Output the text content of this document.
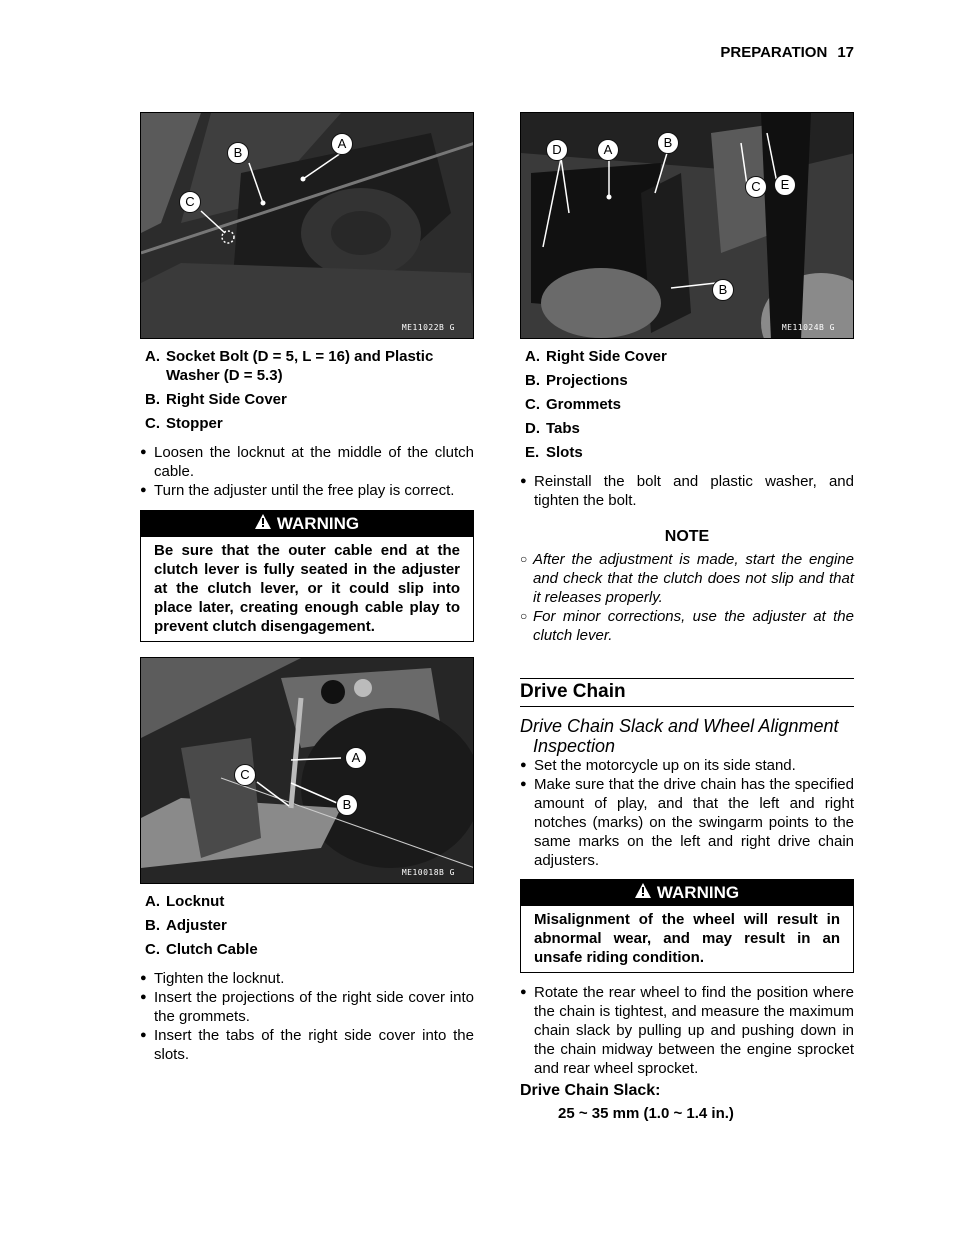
PREPARATION 17
B
A
C
ME11022B G
A. Socket Bolt (D = 5, L = 16) and Plastic Washer (D = 5.3)
B. Right Side Cover
C. Stopper
● Loosen the locknut at the middle of the clutch cable.
● Turn the adjuster until the free play is correct.
WARNING
Be sure that the outer cable end at the clutch lever is fully seated in the adjuster at the clutch lever, or it could slip into place later, creating enough cable play to prevent clutch disengagement.
A
C
B
ME10018B G
A. Locknut
B. Adjuster
C. Clutch Cable
● Tighten the locknut.
● Insert the projections of the right side cover into the grommets.
● Insert the tabs of the right side cover into the slots.
D	A	B
C	E
B
ME11024B G
A. Right Side Cover
B. Projections
C. Grommets
D. Tabs
E. Slots
● Reinstall the bolt and plastic washer, and tighten the bolt.
NOTE
○ After the adjustment is made, start the engine and check that the clutch does not slip and that it releases properly.
○ For minor corrections, use the adjuster at the clutch lever.
Drive Chain
Drive Chain Slack and Wheel Alignment Inspection
● Set the motorcycle up on its side stand.
● Make sure that the drive chain has the specified amount of play, and that the left and right notches (marks) on the swingarm points to the same marks on the left and right drive chain adjusters.
WARNING
Misalignment of the wheel will result in abnormal wear, and may result in an unsafe riding condition.
● Rotate the rear wheel to find the position where the chain is tightest, and measure the maximum chain slack by pulling up and pushing down in the chain midway between the engine sprocket and rear wheel sprocket.
Drive Chain Slack:
25 ~ 35 mm (1.0 ~ 1.4 in.)
